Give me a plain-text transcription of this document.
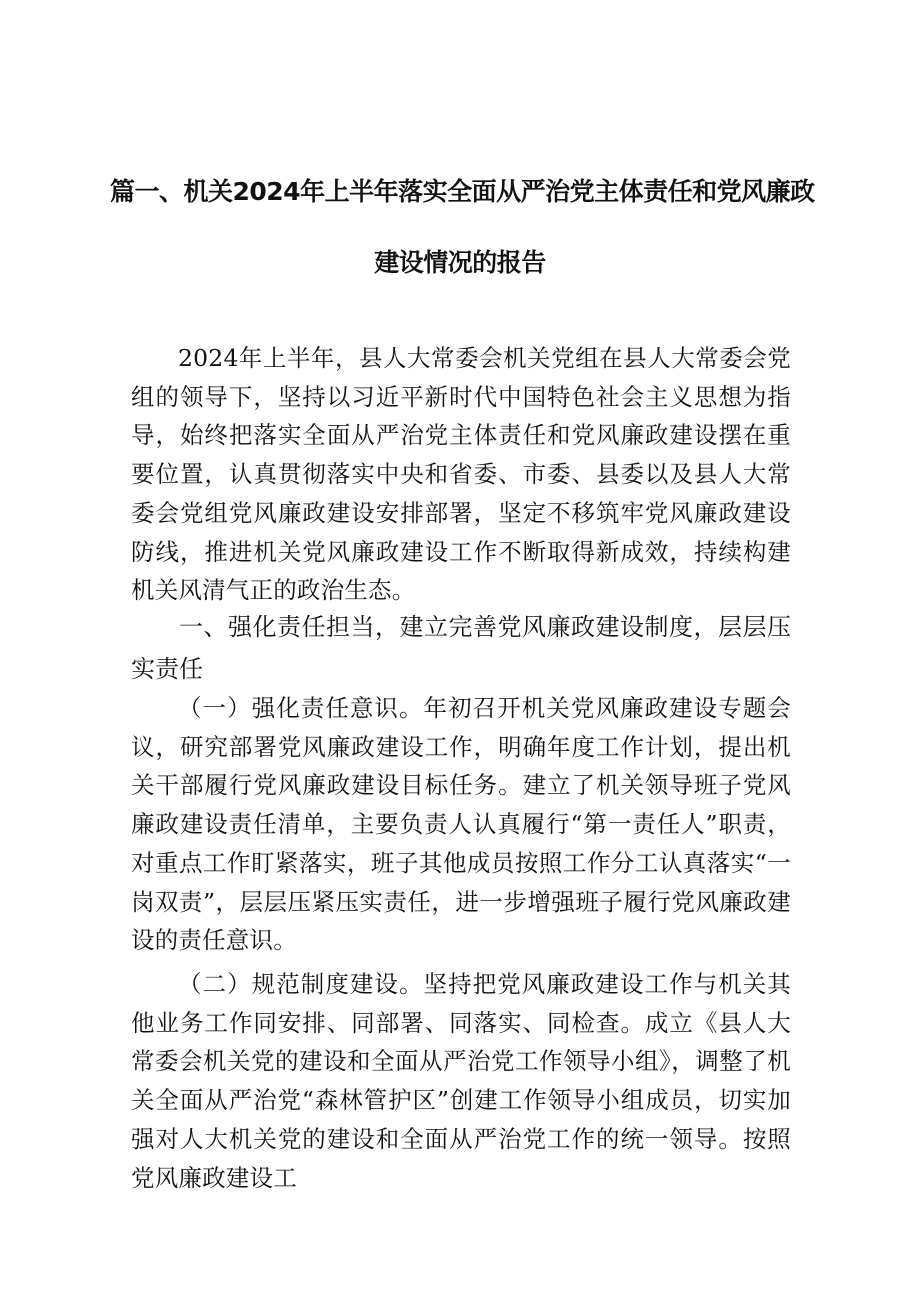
篇一、机关2024年上半年落实全面从严治党主体责任和党风廉政
建设情况的报告

2024年上半年，县人大常委会机关党组在县人大常委会党组的领导下，坚持以习近平新时代中国特色社会主义思想为指导，始终把落实全面从严治党主体责任和党风廉政建设摆在重要位置，认真贯彻落实中央和省委、市委、县委以及县人大常委会党组党风廉政建设安排部署，坚定不移筑牢党风廉政建设防线，推进机关党风廉政建设工作不断取得新成效，持续构建机关风清气正的政治生态。

一、强化责任担当，建立完善党风廉政建设制度，层层压实责任

（一）强化责任意识。年初召开机关党风廉政建设专题会议，研究部署党风廉政建设工作，明确年度工作计划，提出机关干部履行党风廉政建设目标任务。建立了机关领导班子党风廉政建设责任清单，主要负责人认真履行“第一责任人”职责，对重点工作盯紧落实，班子其他成员按照工作分工认真落实“一岗双责”，层层压紧压实责任，进一步增强班子履行党风廉政建设的责任意识。

（二）规范制度建设。坚持把党风廉政建设工作与机关其他业务工作同安排、同部署、同落实、同检查。成立《县人大常委会机关党的建设和全面从严治党工作领导小组》，调整了机关全面从严治党“森林管护区”创建工作领导小组成员，切实加强对人大机关党的建设和全面从严治党工作的统一领导。按照党风廉政建设工
